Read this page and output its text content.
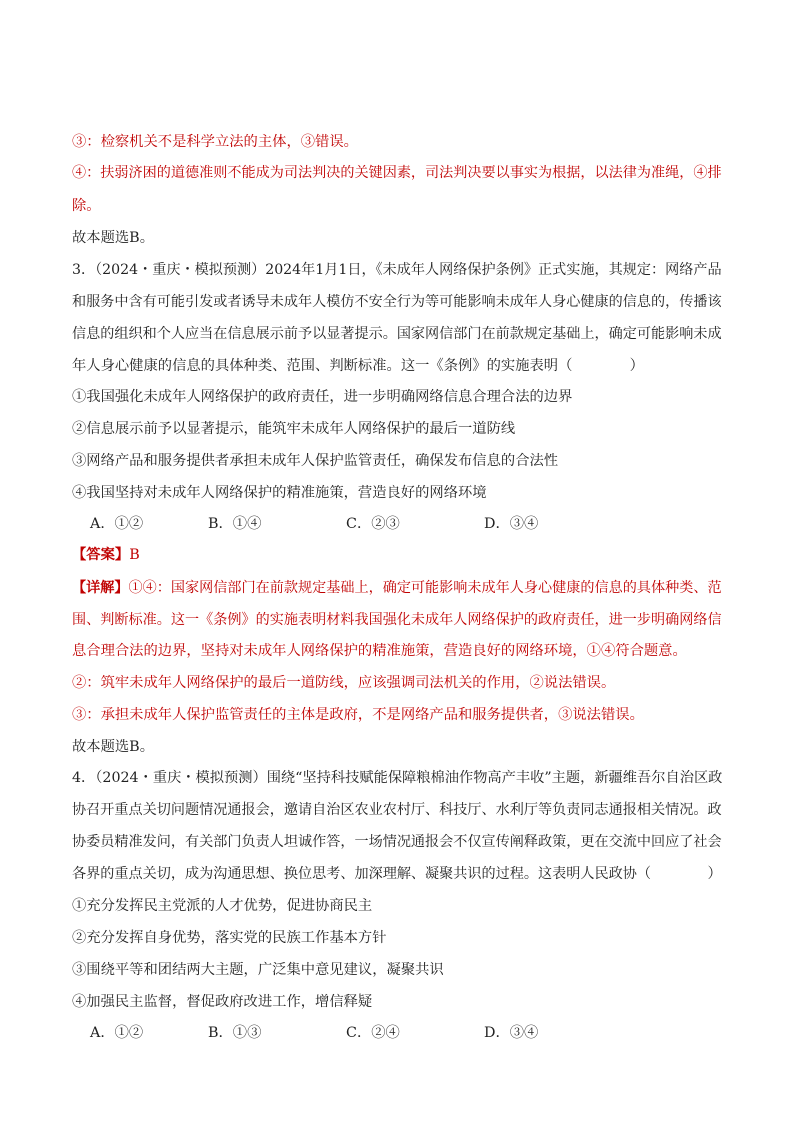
③：检察机关不是科学立法的主体，③错误。
④：扶弱济困的道德准则不能成为司法判决的关键因素，司法判决要以事实为根据，以法律为准绳，④排
除。
故本题选B。
3．（2024・重庆・模拟预测）2024年1月1日，《未成年人网络保护条例》正式实施，其规定：网络产品
和服务中含有可能引发或者诱导未成年人模仿不安全行为等可能影响未成年人身心健康的信息的，传播该
信息的组织和个人应当在信息展示前予以显著提示。国家网信部门在前款规定基础上，确定可能影响未成
年人身心健康的信息的具体种类、范围、判断标准。这一《条例》的实施表明（　　　　）
①我国强化未成年人网络保护的政府责任，进一步明确网络信息合理合法的边界
②信息展示前予以显著提示，能筑牢未成年人网络保护的最后一道防线
③网络产品和服务提供者承担未成年人保护监管责任，确保发布信息的合法性
④我国坚持对未成年人网络保护的精准施策，营造良好的网络环境
A．①②	B．①④	C．②③	D．③④
【答案】B
【详解】①④：国家网信部门在前款规定基础上，确定可能影响未成年人身心健康的信息的具体种类、范
围、判断标准。这一《条例》的实施表明材料我国强化未成年人网络保护的政府责任，进一步明确网络信
息合理合法的边界，坚持对未成年人网络保护的精准施策，营造良好的网络环境，①④符合题意。
②：筑牢未成年人网络保护的最后一道防线，应该强调司法机关的作用，②说法错误。
③：承担未成年人保护监管责任的主体是政府，不是网络产品和服务提供者，③说法错误。
故本题选B。
4．（2024・重庆・模拟预测）围绕“坚持科技赋能保障粮棉油作物高产丰收”主题，新疆维吾尔自治区政
协召开重点关切问题情况通报会，邀请自治区农业农村厅、科技厅、水利厅等负责同志通报相关情况。政
协委员精准发问，有关部门负责人坦诚作答，一场情况通报会不仅宣传阐释政策，更在交流中回应了社会
各界的重点关切，成为沟通思想、换位思考、加深理解、凝聚共识的过程。这表明人民政协（　　　　）
①充分发挥民主党派的人才优势，促进协商民主
②充分发挥自身优势，落实党的民族工作基本方针
③围绕平等和团结两大主题，广泛集中意见建议，凝聚共识
④加强民主监督，督促政府改进工作，增信释疑
A．①②	B．①③	C．②④	D．③④
